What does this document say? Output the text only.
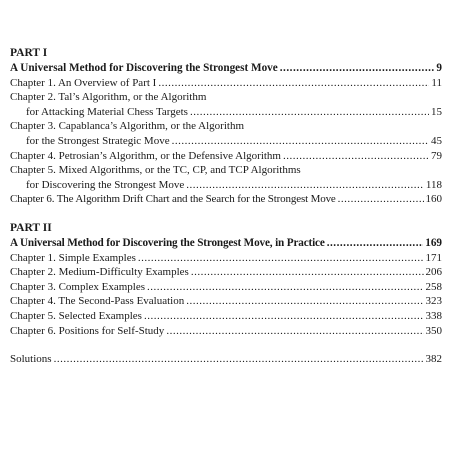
PART I
A Universal Method for Discovering the Strongest Move .....	9
Chapter 1. An Overview of Part I .....	11
Chapter 2. Tal’s Algorithm, or the Algorithm
for Attacking Material Chess Targets .....	15
Chapter 3. Capablanca’s Algorithm, or the Algorithm
for the Strongest Strategic Move .....	45
Chapter 4. Petrosian’s Algorithm, or the Defensive Algorithm .....	79
Chapter 5. Mixed Algorithms, or the TC, CP, and TCP Algorithms
for Discovering the Strongest Move .....	118
Chapter 6. The Algorithm Drift Chart and the Search for the Strongest Move .....	160
PART II
A Universal Method for Discovering the Strongest Move, in Practice .....	169
Chapter 1. Simple Examples .....	171
Chapter 2. Medium-Difficulty Examples .....	206
Chapter 3. Complex Examples .....	258
Chapter 4. The Second-Pass Evaluation .....	323
Chapter 5. Selected Examples .....	338
Chapter 6. Positions for Self-Study .....	350
Solutions .....	382
